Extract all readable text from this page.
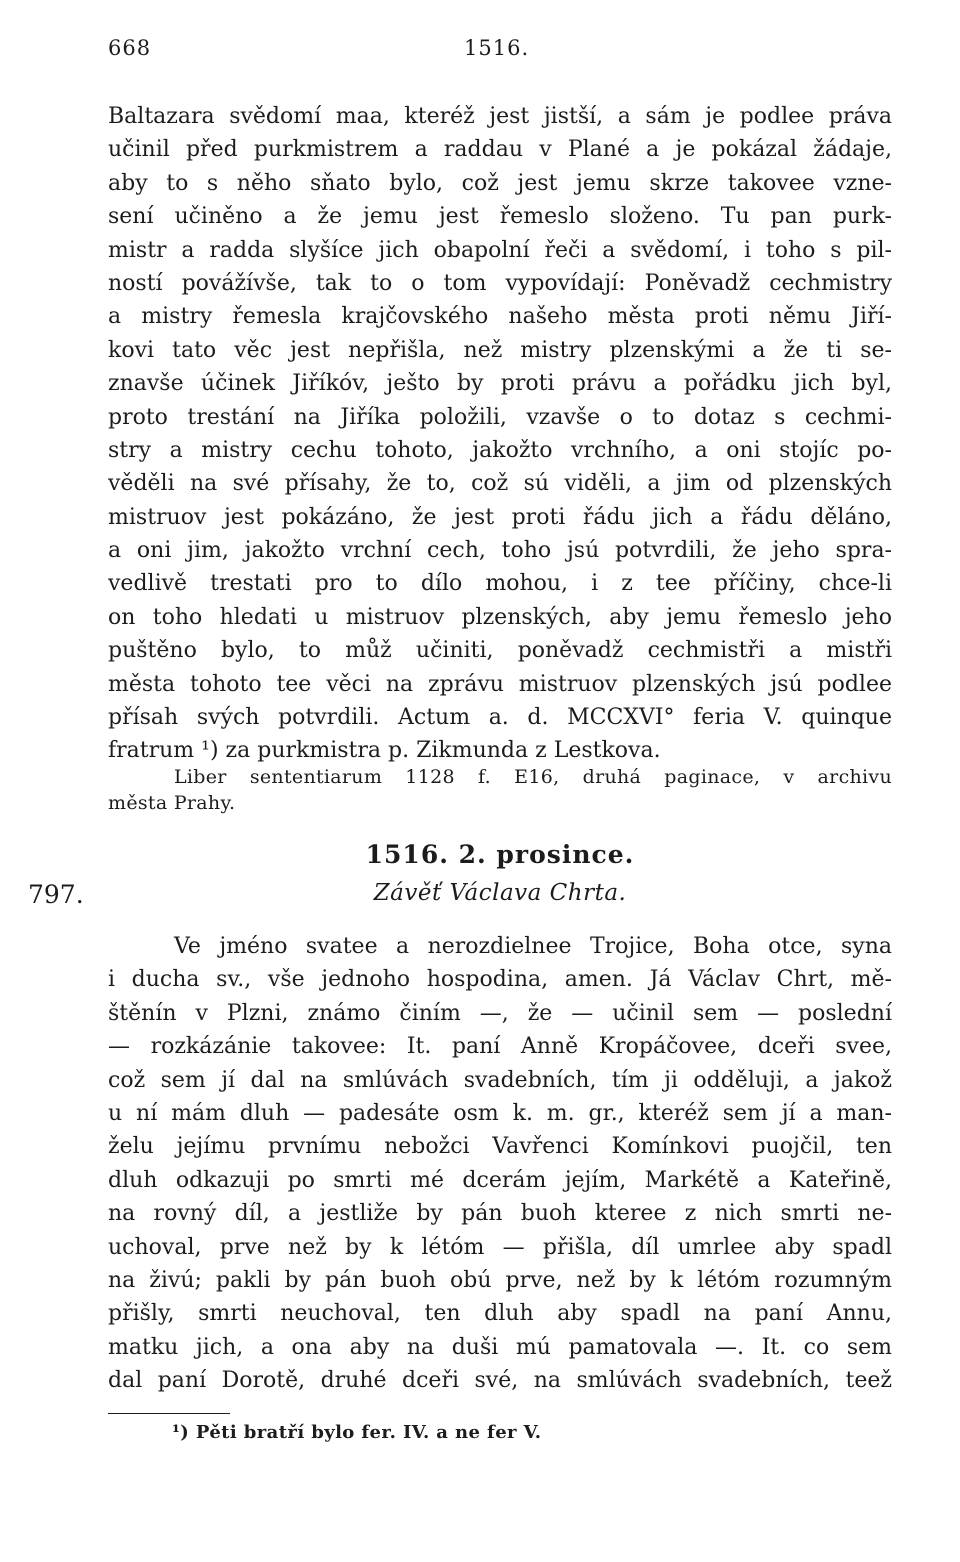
668	1516.
Baltazara svědomí maa, kteréž jest jistší, a sám je podlee práva
učinil před purkmistrem a raddau v Plané a je pokázal žádaje,
aby to s něho sňato bylo, což jest jemu skrze takovee vzne-
sení učiněno a že jemu jest řemeslo složeno. Tu pan purk-
mistr a radda slyšíce jich obapolní řeči a svědomí, i toho s pil-
ností povážívše, tak to o tom vypovídají: Poněvadž cechmistry
a mistry řemesla krajčovského našeho města proti němu Jiří-
kovi tato věc jest nepřišla, než mistry plzenskými a že ti se-
znavše účinek Jiříkóv, ješto by proti právu a pořádku jich byl,
proto trestání na Jiříka položili, vzavše o to dotaz s cechmi-
stry a mistry cechu tohoto, jakožto vrchního, a oni stojíc po-
věděli na své přísahy, že to, což sú viděli, a jim od plzenských
mistruov jest pokázáno, že jest proti řádu jich a řádu děláno,
a oni jim, jakožto vrchní cech, toho jsú potvrdili, že jeho spra-
vedlivě trestati pro to dílo mohou, i z tee příčiny, chce-li
on toho hledati u mistruov plzenských, aby jemu řemeslo jeho
puštěno bylo, to můž učiniti, poněvadž cechmistři a mistři
města tohoto tee věci na zprávu mistruov plzenských jsú podlee
přísah svých potvrdili. Actum a. d. MCCXVI° feria V. quinque
fratrum ¹) za purkmistra p. Zikmunda z Lestkova.
Liber sententiarum 1128 f. E16, druhá paginace, v archivu
města Prahy.
797.
1516. 2. prosince.
Závěť Václava Chrta.
Ve jméno svatee a nerozdielnee Trojice, Boha otce, syna
i ducha sv., vše jednoho hospodina, amen. Já Václav Chrt, mě-
štěnín v Plzni, známo činím —, že — učinil sem — poslední
— rozkázánie takovee: It. paní Anně Kropáčovee, dceři svee,
což sem jí dal na smlúvách svadebních, tím ji odděluji, a jakož
u ní mám dluh — padesáte osm k. m. gr., kteréž sem jí a man-
želu jejímu prvnímu nebožci Vavřenci Komínkovi puojčil, ten
dluh odkazuji po smrti mé dcerám jejím, Markétě a Kateřině,
na rovný díl, a jestliže by pán buoh kteree z nich smrti ne-
uchoval, prve než by k létóm — přišla, díl umrlee aby spadl
na živú; pakli by pán buoh obú prve, než by k létóm rozumným
přišly, smrti neuchoval, ten dluh aby spadl na paní Annu,
matku jich, a ona aby na duši mú pamatovala —. It. co sem
dal paní Dorotě, druhé dceři své, na smlúvách svadebních, teež
¹) Pěti bratří bylo fer. IV. a ne fer V.
